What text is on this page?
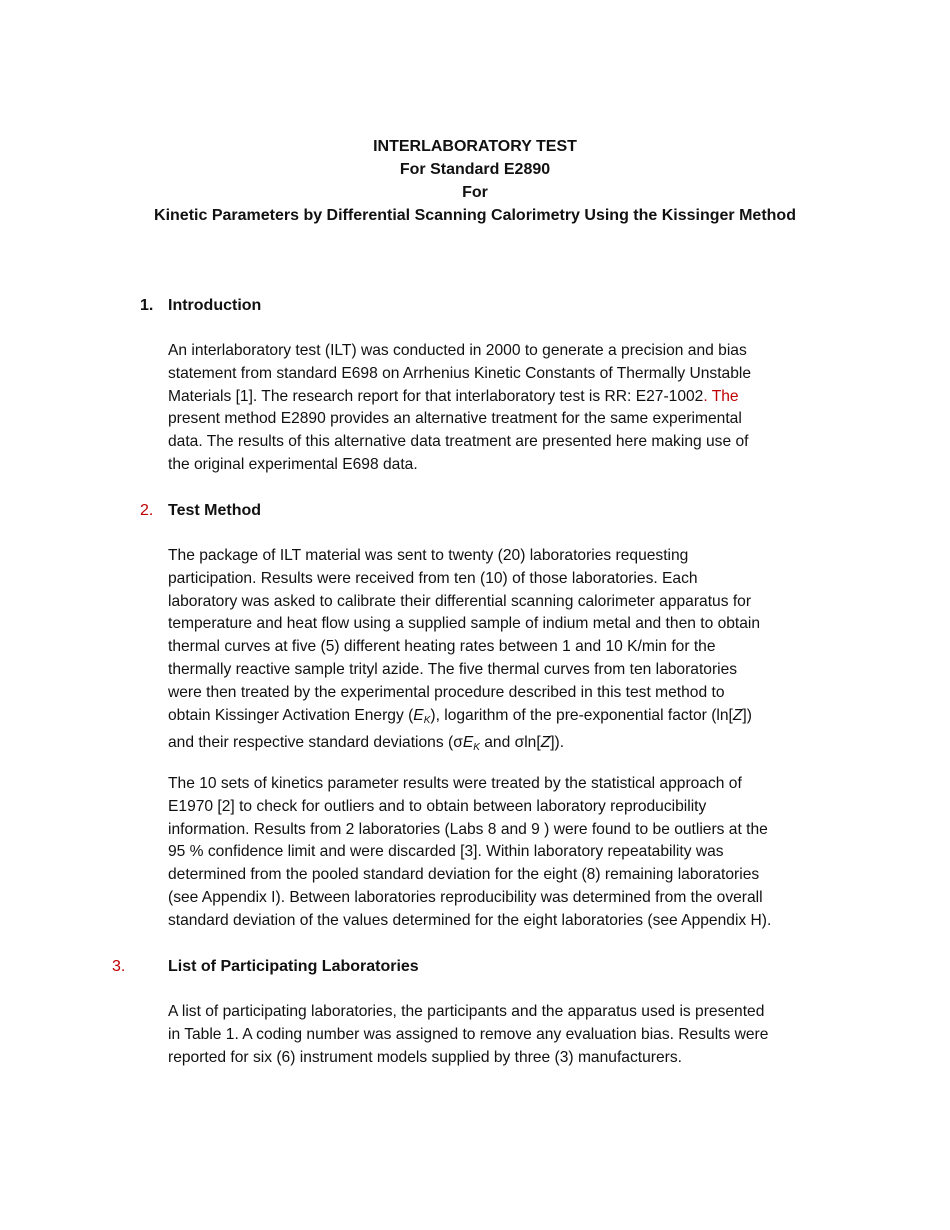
INTERLABORATORY TEST
For Standard E2890
For
Kinetic Parameters by Differential Scanning Calorimetry Using the Kissinger Method
1. Introduction
An interlaboratory test (ILT) was conducted in 2000 to generate a precision and bias
statement from standard E698 on Arrhenius Kinetic Constants of Thermally Unstable
Materials [1]. The research report for that interlaboratory test is RR: E27-1002. The
present method E2890 provides an alternative treatment for the same experimental
data. The results of this alternative data treatment are presented here making use of
the original experimental E698 data.
2. Test Method
The package of ILT material was sent to twenty (20) laboratories requesting
participation. Results were received from ten (10) of those laboratories. Each
laboratory was asked to calibrate their differential scanning calorimeter apparatus for
temperature and heat flow using a supplied sample of indium metal and then to obtain
thermal curves at five (5) different heating rates between 1 and 10 K/min for the
thermally reactive sample trityl azide. The five thermal curves from ten laboratories
were then treated by the experimental procedure described in this test method to
obtain Kissinger Activation Energy $(E_K)$, logarithm of the pre-exponential factor (ln[Z])
and their respective standard deviations ($\sigma E_K$ and σln[Z]).
The 10 sets of kinetics parameter results were treated by the statistical approach of
E1970 [2] to check for outliers and to obtain between laboratory reproducibility
information. Results from 2 laboratories (Labs 8 and 9 ) were found to be outliers at the
95 % confidence limit and were discarded [3]. Within laboratory repeatability was
determined from the pooled standard deviation for the eight (8) remaining laboratories
(see Appendix I). Between laboratories reproducibility was determined from the overall
standard deviation of the values determined for the eight laboratories (see Appendix H).
3.	List of Participating Laboratories
A list of participating laboratories, the participants and the apparatus used is presented
in Table 1. A coding number was assigned to remove any evaluation bias. Results were
reported for six (6) instrument models supplied by three (3) manufacturers.
